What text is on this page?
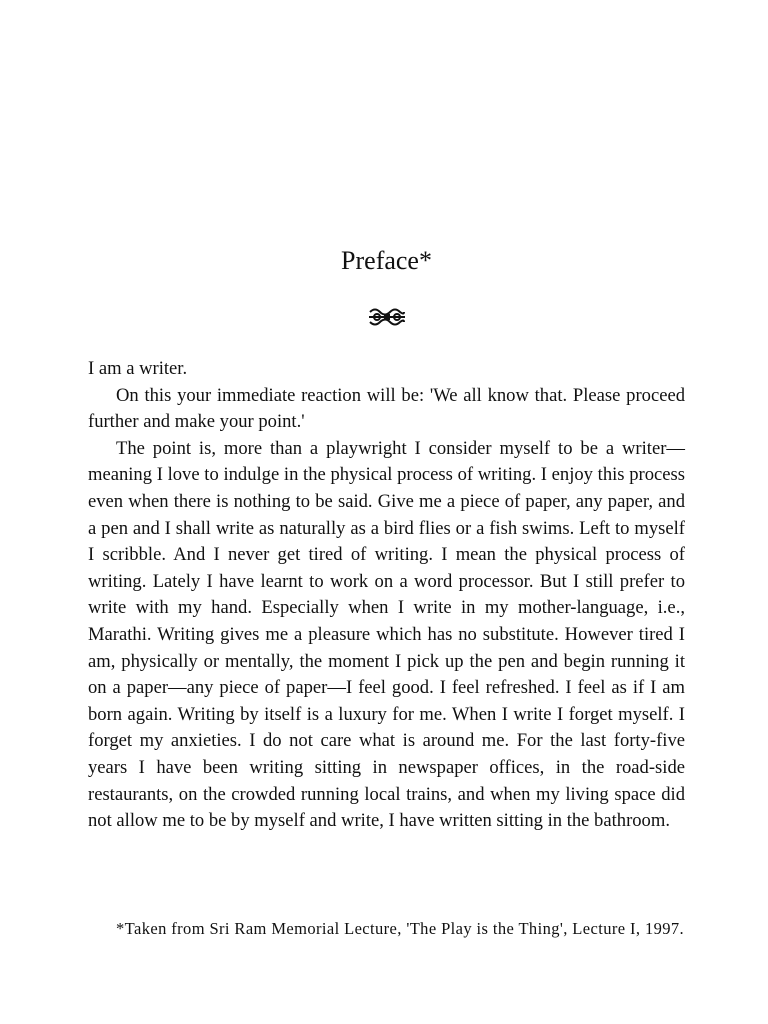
Preface*

I am a writer.

On this your immediate reaction will be: 'We all know that. Please proceed further and make your point.'

The point is, more than a playwright I consider myself to be a writer—meaning I love to indulge in the physical process of writing. I enjoy this process even when there is nothing to be said. Give me a piece of paper, any paper, and a pen and I shall write as naturally as a bird flies or a fish swims. Left to myself I scribble. And I never get tired of writing. I mean the physical process of writing. Lately I have learnt to work on a word processor. But I still prefer to write with my hand. Especially when I write in my mother-language, i.e., Marathi. Writing gives me a pleasure which has no substitute. However tired I am, physically or mentally, the moment I pick up the pen and begin running it on a paper—any piece of paper—I feel good. I feel refreshed. I feel as if I am born again. Writing by itself is a luxury for me. When I write I forget myself. I forget my anxieties. I do not care what is around me. For the last forty-five years I have been writing sitting in newspaper offices, in the road-side restaurants, on the crowded running local trains, and when my living space did not allow me to be by myself and write, I have written sitting in the bathroom.

*Taken from Sri Ram Memorial Lecture, 'The Play is the Thing', Lecture I, 1997.
